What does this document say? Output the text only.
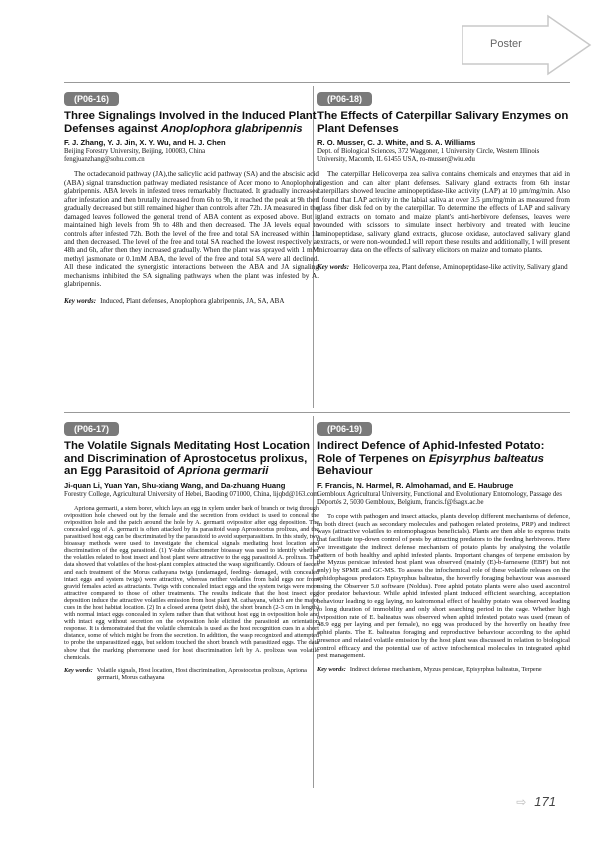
Poster
(P06-16)
Three Signalings Involved in the Induced Plant Defenses against Anoplophora glabripennis
F. J. Zhang, Y. J. Jin, X. Y. Wu, and H. J. Chen
Beijing Forestry University, Beijing, 100083, China
fengjuanzhang@sohu.com.cn

The octadecanoid pathway (JA),the salicylic acid pathway (SA) and the abscisic acid (ABA) signal transduction pathway mediated resistance of Acer mono to Anoplophora glabripennis. ABA levels in infested trees remarkably fluctuated. It gradually increased after infestation and then brutally increased from 6h to 9h, it reached the peak at 9h then gradually decreased but still remained higher than controls after 72h. JA measured in the damaged leaves followed the general trend of ABA content as exposed above. But it maintained high levels from 9h to 48h and then decreased. The JA levels equal to controls after infested 72h. Both the level of the free and total SA increased within 1h and then decreased. The level of the free and total SA reached the lowest respectively at 48h and 6h, after then they increased gradually. When the plant was sprayed with 1 mM methyl jasmonate or 0.1mM ABA, the level of the free and total SA were all declined. All these indicated the synergistic interactions between the ABA and JA signaling mechanisms inhibited the SA signaling pathways when the plant was infested by A. glabripennis.

Key words: Induced, Plant defenses, Anoplophora glabripennis, JA, SA, ABA
(P06-18)
The Effects of Caterpillar Salivary Enzymes on Plant Defenses
R. O. Musser, C. J. White, and S. A. Williams
Dept. of Biological Sciences, 372 Waggoner, 1 University Circle, Western Illinois University, Macomb, IL 61455 USA, ro-musser@wiu.edu

The caterpillar Helicoverpa zea saliva contains chemicals and enzymes that aid in digestion and can alter plant defenses. Salivary gland extracts from 6th instar caterpillars showed leucine aminopeptidase-like activity (LAP) at 10 µm/mg/min. Also I found that LAP activity in the labial saliva at over 3.5 µm/mg/min as measured from glass fiber disk fed on by the caterpillar. To determine the effects of LAP and salivary gland extracts on tomato and maize plant's anti-herbivore defenses, leaves were wounded with scissors to simulate insect herbivory and treated with leucine aminopeptidase, salivary gland extracts, glucose oxidase, autoclaved salivary gland extracts, or were non-wounded.I will report these results and additionally, I will present microarray data on the effects of salivary elicitors on maize and tomato plants.

Key words: Helicoverpa zea, Plant defense, Aminopeptidase-like activity, Salivary gland
(P06-17)
The Volatile Signals Meditating Host Location and Discrimination of Aprostocetus prolixus, an Egg Parasitoid of Apriona germarii
Ji-quan Li, Yuan Yan, Shu-xiang Wang, and Da-zhuang Huang
Forestry College, Agricultural University of Hebei, Baoding 071000, China, lijqbd@163.com

Apriona germarii, a stem borer, which lays an egg in xylem under bark of branch or twig through oviposition hole chewed out by the female and the secretion from oviduct is used to conceal the oviposition hole and the patch around the hole by A. germarii ovipositor after egg deposition. The concealed egg of A. germarii is often attacked by its parasitoid wasp Aprostocetus prolixus, and the parasitised host egg can be discriminated by the parasitoid to avoid superparasitism. In this study, two bioassay methods were used to investigate the chemical signals mediating host location and discrimination of the egg parasitoid. (1) Y-tube olfactometer bioassay was used to identify whether the volatiles related to host insect and host plant were attractive to the egg parasitoid A. prolixus. The data showed that volatiles of the host-plant complex attracted the wasp significantly. Odours of faeces and each treatment of the Morus cathayana twigs (undamaged, feeding- damaged, with concealed intact eggs and system twigs) were attractive, whereas neither volatiles from bald eggs nor from gravid females acted as attractants. Twigs with concealed intact eggs and the system twigs were more attractive compared to those of other treatments. The results indicate that the host insect egg deposition induce the attractive volatiles emission from host plant M. cathayana, which are the major cues in the host habitat location. (2) In a closed arena (petri dish), the short branch (2-3 cm in length) with normal intact eggs concealed in xylem rather than that without host egg in oviposition hole and with intact egg without secretion on the oviposition hole elicited the parasitoid an orientation response. It is demonstrated that the volatile chemicals is used as the host recognition cues in a short distance, some of which might be from the secretion. In addition, the wasp recognized and attempted to probe the unparasitized eggs, but seldom touched the short branch with parasitized eggs. The data show that the marking pheromone used for host discrimination left by A. prolixus was volatile chemicals.

Key words: Volatile signals, Host location, Host discrimination, Aprostocetus prolixus, Apriona germarii, Morus cathayana
(P06-19)
Indirect Defence of Aphid-Infested Potato: Role of Terpenes on Episyrphus balteatus Behaviour
F. Francis, N. Harmel, R. Almohamad, and E. Haubruge
Gembloux Agricultural University, Functional and Evolutionary Entomology, Passage des Déportés 2, 5030 Gembloux, Belgium, francis.f@fsagx.ac.be

To cope with pathogen and insect attacks, plants develop different mechanisms of defence, in both direct (such as secondary molecules and pathogen related proteins, PRP) and indirect ways (attractive volatiles to entomophagous beneficials). Plants are then able to express traits that facilitate top-down control of pests by attracting predators to the feeding herbivores. Here we investigate the indirect defense mechanism of potato plants by analysing the volatile pattern of both healthy and aphid infested plants. Important changes of terpene emission by the Myzus persicae infested host plant was observed (mainly (E)-b-farnesene (EBF) but not only) by SPME and GC-MS. To assess the infochemical role of these volatile releases on the aphidophagous predators Episyrphus balteatus, the hoverfly foraging behaviour was assessed using the Observer 5.0 software (Noldus). Free aphid potato plants were also used ascontrol for predator behaviour. While aphid infested plant induced efficient searching, acceptation behaviour leading to egg laying, no kairomonal effect of healthy potato was observed leading to long duration of immobility and only short searching period in the cage. Whether high oviposition rate of E. balteatus was observed when aphid infested potato was used (mean of 48.9 egg per laying and per female), no egg was produced by the hoverfly on heathy free aphid plants. The E. balteatus foraging and reproductive behaviour according to the aphid presence and related volatile emission by the host plant was discussed in relation to biological control efficacy and the potential use of active infochemical molecules in integrated aphid pest management.

Key words: Indirect defense mechanism, Myzus persicae, Episyrphus balteatus, Terpene
⇨ 171
